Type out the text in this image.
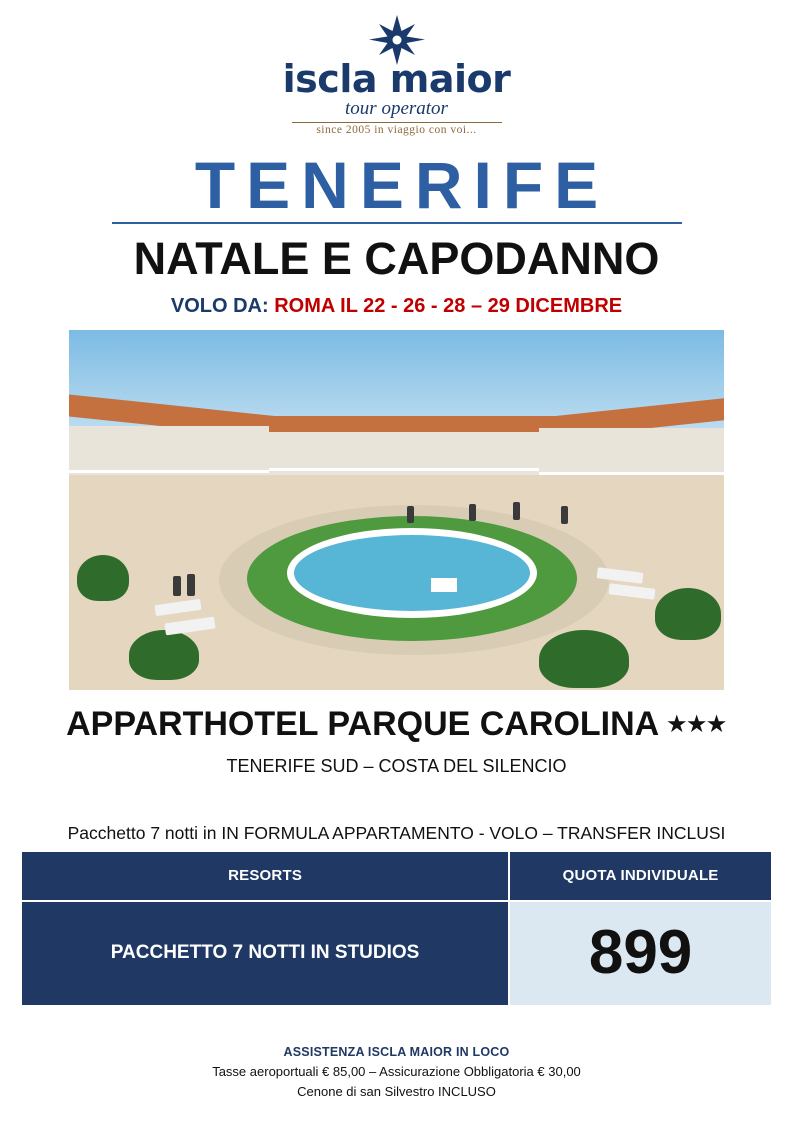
iscla maior
tour operator
since 2005 in viaggio con voi...
TENERIFE
NATALE E CAPODANNO
VOLO DA: ROMA IL 22 - 26 - 28 – 29 DICEMBRE
APPARTHOTEL PARQUE CAROLINA ★★★
TENERIFE SUD – COSTA DEL SILENCIO
Pacchetto 7 notti in IN FORMULA APPARTAMENTO - VOLO – TRANSFER INCLUSI
RESORTS	QUOTA INDIVIDUALE
PACCHETTO 7 NOTTI IN STUDIOS	899
ASSISTENZA ISCLA MAIOR IN LOCO
Tasse aeroportuali € 85,00 – Assicurazione Obbligatoria € 30,00
Cenone di san Silvestro INCLUSO
